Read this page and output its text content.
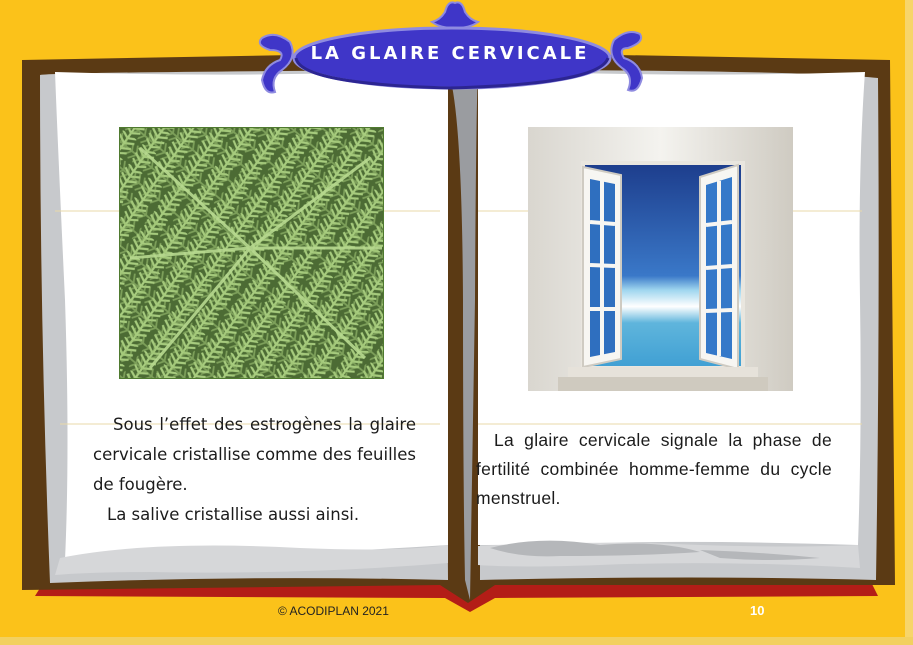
LA GLAIRE CERVICALE

Sous l’effet des estrogènes la glaire cervicale cristallise comme des feuilles de fougère.

La salive cristallise aussi ainsi.

La glaire cervicale signale la phase de fertilité combinée homme-femme du cycle menstruel.

© ACODIPLAN 2021	10
